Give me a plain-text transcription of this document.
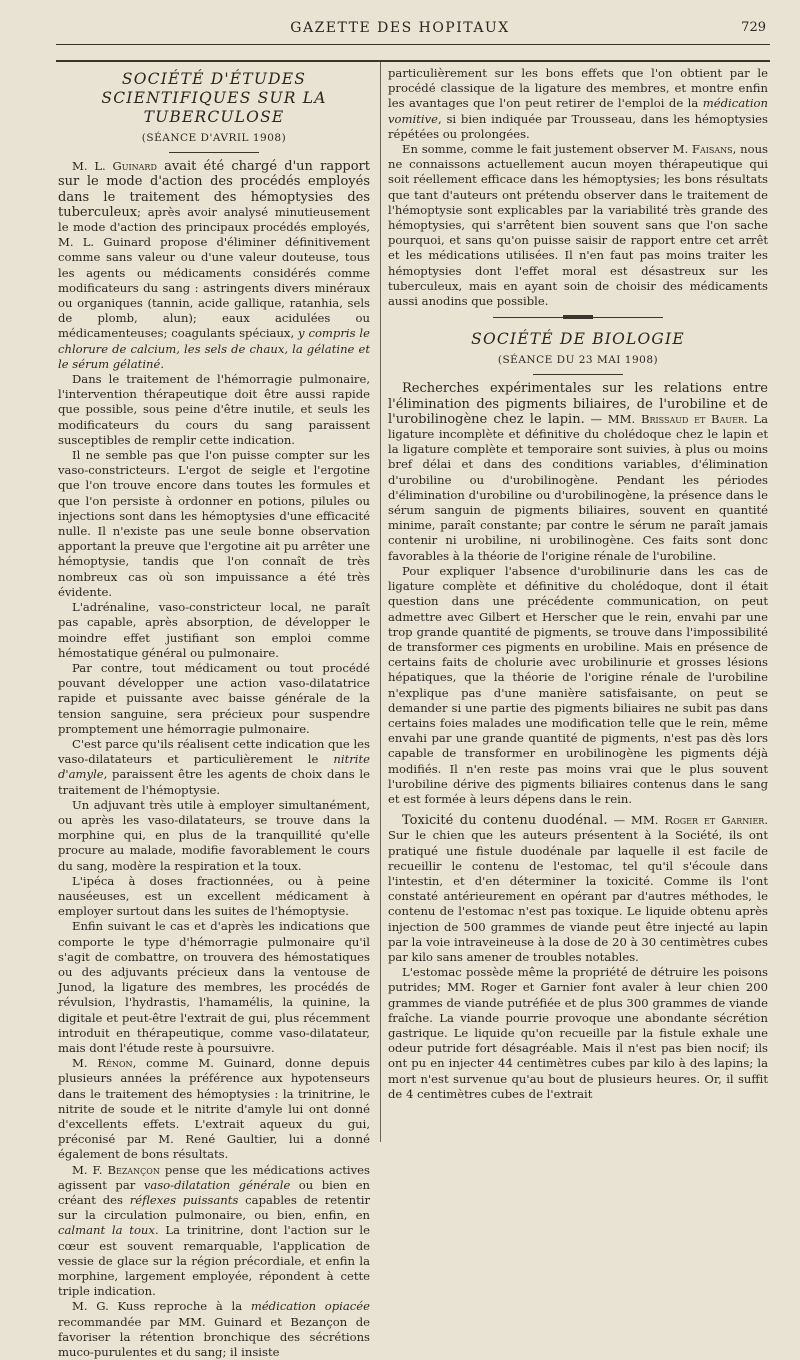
GAZETTE DES HOPITAUX	729
SOCIÉTÉ D'ÉTUDES SCIENTIFIQUES SUR LA TUBERCULOSE
(SÉANCE D'AVRIL 1908)

M. L. Guinard avait été chargé d'un rapport sur le mode d'action des procédés employés dans le traitement des hémoptysies des tuberculeux; après avoir analysé minutieusement le mode d'action des principaux procédés employés, M. L. Guinard propose d'éliminer définitivement comme sans valeur ou d'une valeur douteuse, tous les agents ou médicaments considérés comme modificateurs du sang : astringents divers minéraux ou organiques (tannin, acide gallique, ratanhia, sels de plomb, alun); eaux acidulées ou médicamenteuses; coagulants spéciaux, y compris le chlorure de calcium, les sels de chaux, la gélatine et le sérum gélatiné.

Dans le traitement de l'hémorragie pulmonaire, l'intervention thérapeutique doit être aussi rapide que possible, sous peine d'être inutile, et seuls les modificateurs du cours du sang paraissent susceptibles de remplir cette indication.

Il ne semble pas que l'on puisse compter sur les vaso-constricteurs. L'ergot de seigle et l'ergotine que l'on trouve encore dans toutes les formules et que l'on persiste à ordonner en potions, pilules ou injections sont dans les hémoptysies d'une efficacité nulle. Il n'existe pas une seule bonne observation apportant la preuve que l'ergotine ait pu arrêter une hémoptysie, tandis que l'on connaît de très nombreux cas où son impuissance a été très évidente.

L'adrénaline, vaso-constricteur local, ne paraît pas capable, après absorption, de développer le moindre effet justifiant son emploi comme hémostatique général ou pulmonaire.

Par contre, tout médicament ou tout procédé pouvant développer une action vaso-dilatatrice rapide et puissante avec baisse générale de la tension sanguine, sera précieux pour suspendre promptement une hémorragie pulmonaire.

C'est parce qu'ils réalisent cette indication que les vaso-dilatateurs et particulièrement le nitrite d'amyle, paraissent être les agents de choix dans le traitement de l'hémoptysie.

Un adjuvant très utile à employer simultanément, ou après les vaso-dilatateurs, se trouve dans la morphine qui, en plus de la tranquillité qu'elle procure au malade, modifie favorablement le cours du sang, modère la respiration et la toux.

L'ipéca à doses fractionnées, ou à peine nauséeuses, est un excellent médicament à employer surtout dans les suites de l'hémoptysie.

Enfin suivant le cas et d'après les indications que comporte le type d'hémorragie pulmonaire qu'il s'agit de combattre, on trouvera des hémostatiques ou des adjuvants précieux dans la ventouse de Junod, la ligature des membres, les procédés de révulsion, l'hydrastis, l'hamamélis, la quinine, la digitale et peut-être l'extrait de gui, plus récemment introduit en thérapeutique, comme vaso-dilatateur, mais dont l'étude reste à poursuivre.

M. Rénon, comme M. Guinard, donne depuis plusieurs années la préférence aux hypotenseurs dans le traitement des hémoptysies : la trinitrine, le nitrite de soude et le nitrite d'amyle lui ont donné d'excellents effets. L'extrait aqueux du gui, préconisé par M. René Gaultier, lui a donné également de bons résultats.

M. F. Bezançon pense que les médications actives agissent par vaso-dilatation générale ou bien en créant des réflexes puissants capables de retentir sur la circulation pulmonaire, ou bien, enfin, en calmant la toux. La trinitrine, dont l'action sur le cœur est souvent remarquable, l'application de vessie de glace sur la région précordiale, et enfin la morphine, largement employée, répondent à cette triple indication.

M. G. Kuss reproche à la médication opiacée recommandée par MM. Guinard et Bezançon de favoriser la rétention bronchique des sécrétions muco-purulentes et du sang; il insiste

particulièrement sur les bons effets que l'on obtient par le procédé classique de la ligature des membres, et montre enfin les avantages que l'on peut retirer de l'emploi de la médication vomitive, si bien indiquée par Trousseau, dans les hémoptysies répétées ou prolongées.

En somme, comme le fait justement observer M. Faisans, nous ne connaissons actuellement aucun moyen thérapeutique qui soit réellement efficace dans les hémoptysies; les bons résultats que tant d'auteurs ont prétendu observer dans le traitement de l'hémoptysie sont explicables par la variabilité très grande des hémoptysies, qui s'arrêtent bien souvent sans que l'on sache pourquoi, et sans qu'on puisse saisir de rapport entre cet arrêt et les médications utilisées. Il n'en faut pas moins traiter les hémoptysies dont l'effet moral est désastreux sur les tuberculeux, mais en ayant soin de choisir des médicaments aussi anodins que possible.

SOCIÉTÉ DE BIOLOGIE
(SÉANCE DU 23 MAI 1908)

Recherches expérimentales sur les relations entre l'élimination des pigments biliaires, de l'urobiline et de l'urobilinogène chez le lapin. — MM. Brissaud et Bauer. La ligature incomplète et définitive du cholédoque chez le lapin et la ligature complète et temporaire sont suivies, à plus ou moins bref délai et dans des conditions variables, d'élimination d'urobiline ou d'urobilinogène. Pendant les périodes d'élimination d'urobiline ou d'urobilinogène, la présence dans le sérum sanguin de pigments biliaires, souvent en quantité minime, paraît constante; par contre le sérum ne paraît jamais contenir ni urobiline, ni urobilinogène. Ces faits sont donc favorables à la théorie de l'origine rénale de l'urobiline.

Pour expliquer l'absence d'urobilinurie dans les cas de ligature complète et définitive du cholédoque, dont il était question dans une précédente communication, on peut admettre avec Gilbert et Herscher que le rein, envahi par une trop grande quantité de pigments, se trouve dans l'impossibilité de transformer ces pigments en urobiline. Mais en présence de certains faits de cholurie avec urobilinurie et grosses lésions hépatiques, que la théorie de l'origine rénale de l'urobiline n'explique pas d'une manière satisfaisante, on peut se demander si une partie des pigments biliaires ne subit pas dans certains foies malades une modification telle que le rein, même envahi par une grande quantité de pigments, n'est pas dès lors capable de transformer en urobilinogène les pigments déjà modifiés. Il n'en reste pas moins vrai que le plus souvent l'urobiline dérive des pigments biliaires contenus dans le sang et est formée à leurs dépens dans le rein.

Toxicité du contenu duodénal. — MM. Roger et Garnier. Sur le chien que les auteurs présentent à la Société, ils ont pratiqué une fistule duodénale par laquelle il est facile de recueillir le contenu de l'estomac, tel qu'il s'écoule dans l'intestin, et d'en déterminer la toxicité. Comme ils l'ont constaté antérieurement en opérant par d'autres méthodes, le contenu de l'estomac n'est pas toxique. Le liquide obtenu après injection de 500 grammes de viande peut être injecté au lapin par la voie intraveineuse à la dose de 20 à 30 centimètres cubes par kilo sans amener de troubles notables.

L'estomac possède même la propriété de détruire les poisons putrides; MM. Roger et Garnier font avaler à leur chien 200 grammes de viande putréfiée et de plus 300 grammes de viande fraîche. La viande pourrie provoque une abondante sécrétion gastrique. Le liquide qu'on recueille par la fistule exhale une odeur putride fort désagréable. Mais il n'est pas bien nocif; ils ont pu en injecter 44 centimètres cubes par kilo à des lapins; la mort n'est survenue qu'au bout de plusieurs heures. Or, il suffit de 4 centimètres cubes de l'extrait
